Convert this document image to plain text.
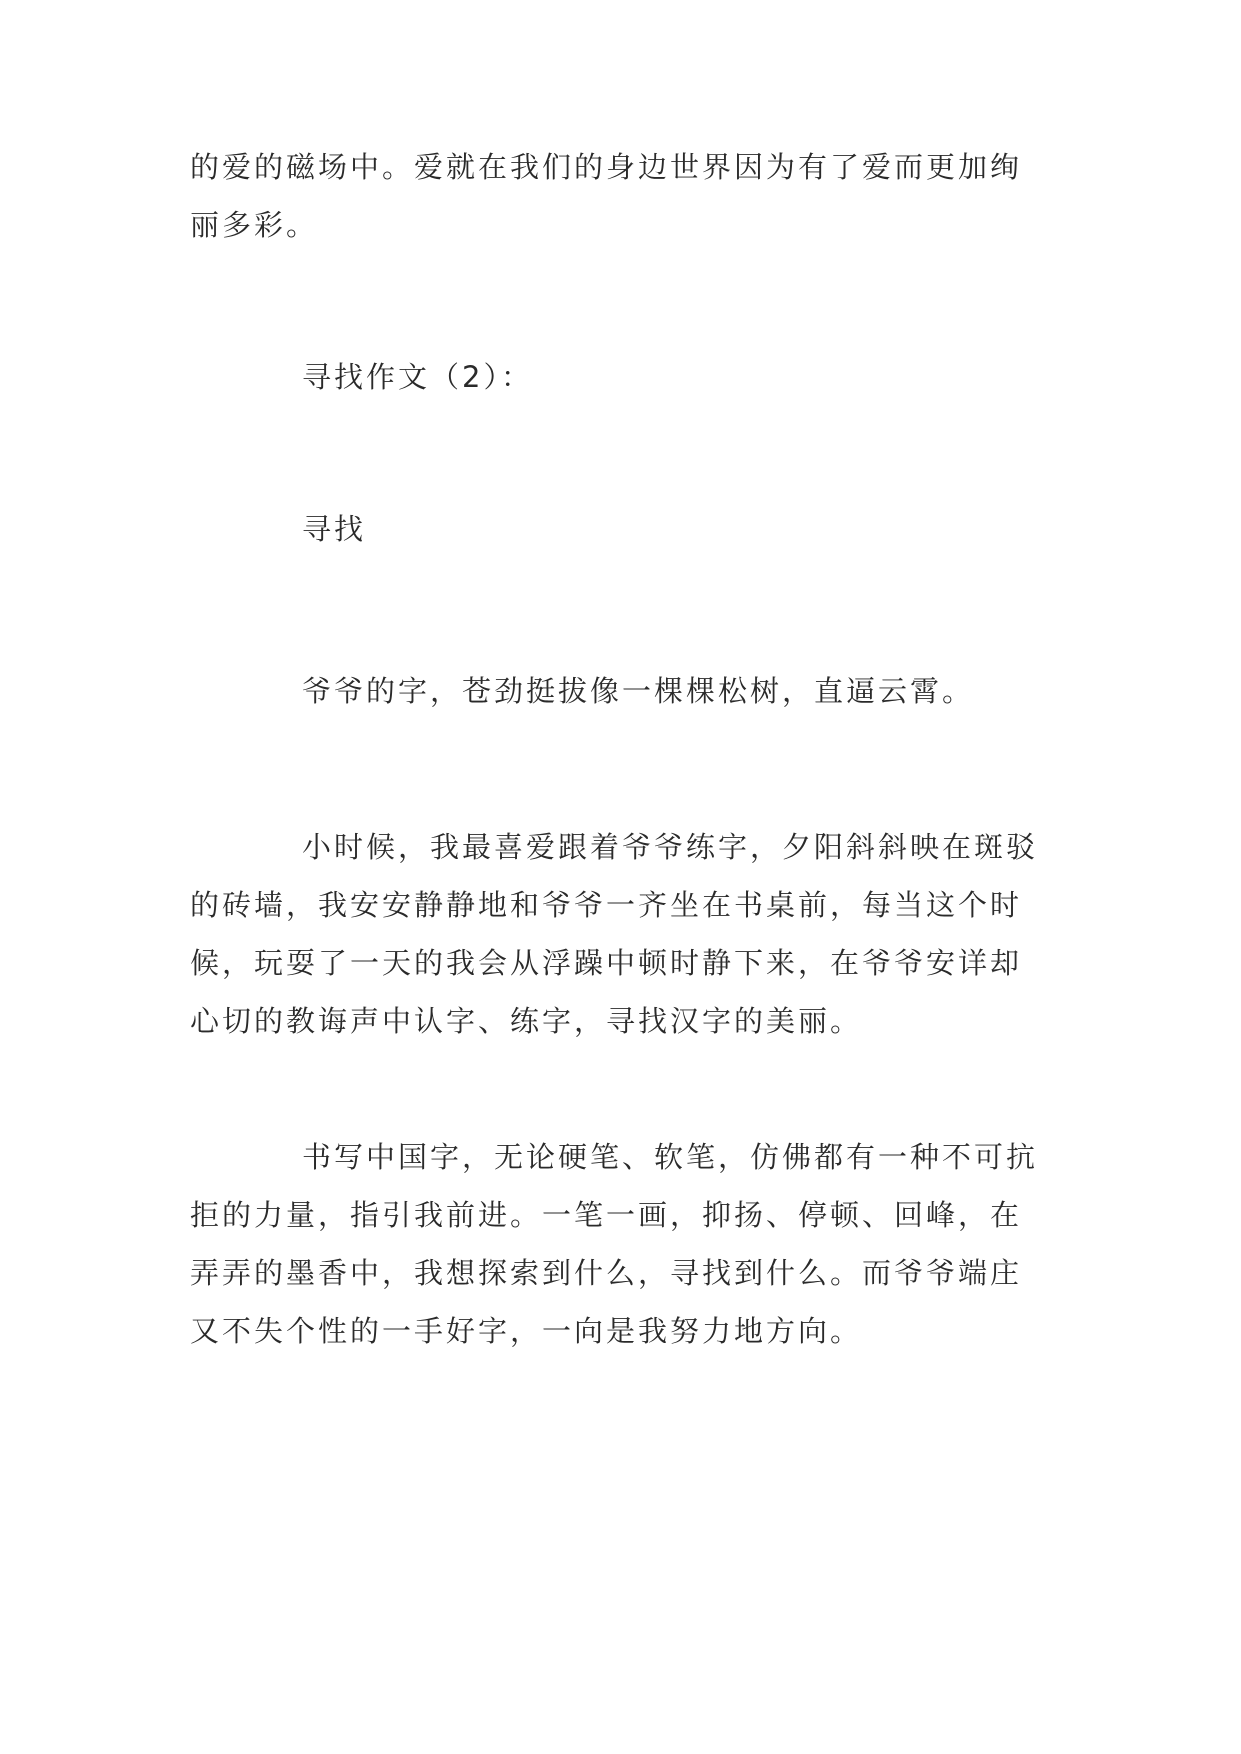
的爱的磁场中。爱就在我们的身边世界因为有了爱而更加绚
丽多彩。

寻找作文（2）：

寻找

爷爷的字，苍劲挺拔像一棵棵松树，直逼云霄。

小时候，我最喜爱跟着爷爷练字，夕阳斜斜映在斑驳
的砖墙，我安安静静地和爷爷一齐坐在书桌前，每当这个时
候，玩耍了一天的我会从浮躁中顿时静下来，在爷爷安详却
心切的教诲声中认字、练字，寻找汉字的美丽。

书写中国字，无论硬笔、软笔，仿佛都有一种不可抗
拒的力量，指引我前进。一笔一画，抑扬、停顿、回峰，在
弄弄的墨香中，我想探索到什么，寻找到什么。而爷爷端庄
又不失个性的一手好字，一向是我努力地方向。
